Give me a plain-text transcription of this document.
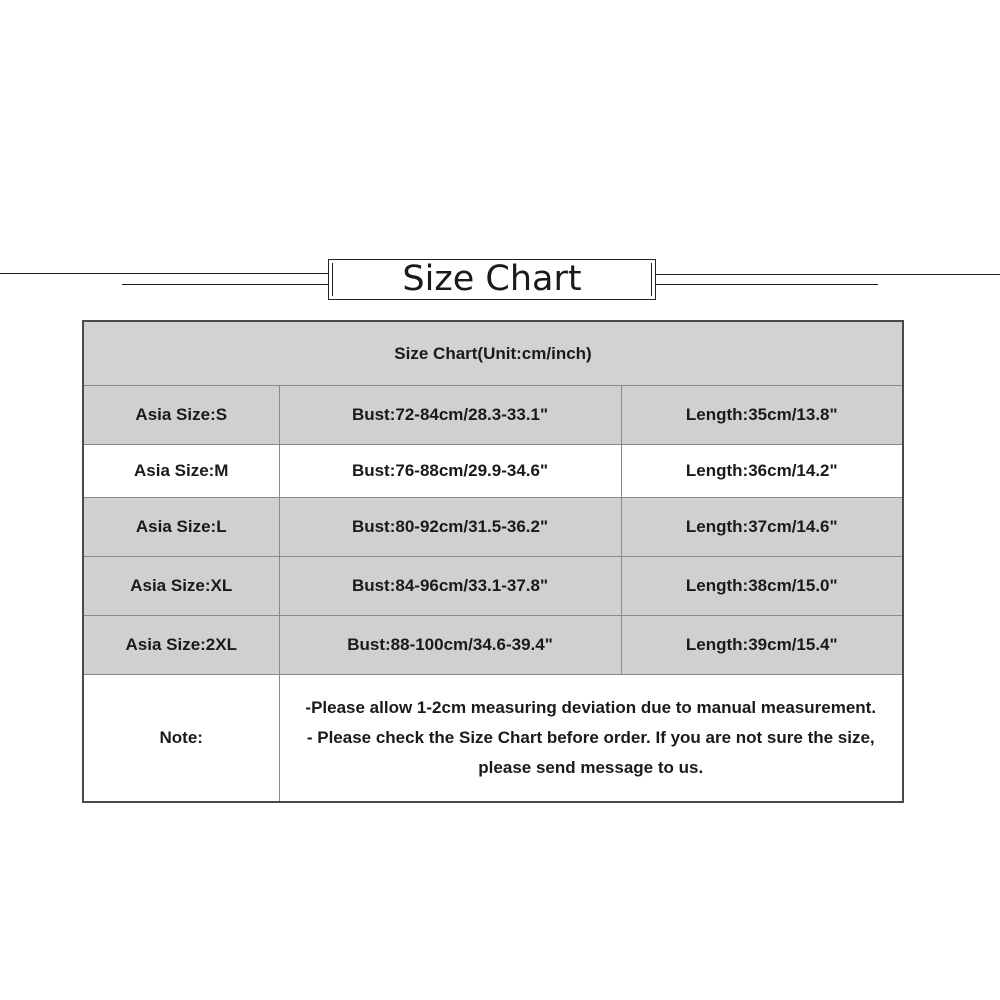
Size Chart
Size Chart(Unit:cm/inch)		
Asia Size:S	Bust:72-84cm/28.3-33.1"	Length:35cm/13.8"
Asia Size:M	Bust:76-88cm/29.9-34.6"	Length:36cm/14.2"
Asia Size:L	Bust:80-92cm/31.5-36.2"	Length:37cm/14.6"
Asia Size:XL	Bust:84-96cm/33.1-37.8"	Length:38cm/15.0"
Asia Size:2XL	Bust:88-100cm/34.6-39.4"	Length:39cm/15.4"
Note:	-Please allow 1-2cm measuring deviation due to manual measurement.
- Please check the Size Chart before order. If you are not sure the size,
please send message to us.	
